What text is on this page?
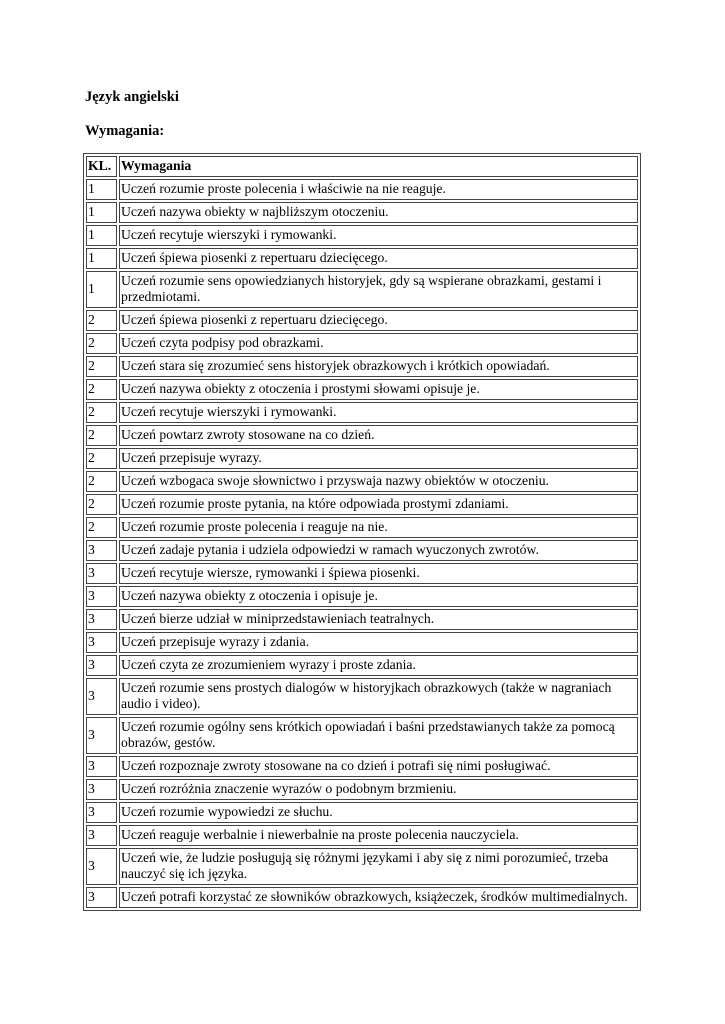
Język angielski
Wymagania:
KL.	Wymagania
1	Uczeń rozumie proste polecenia i właściwie na nie reaguje.
1	Uczeń nazywa obiekty w najbliższym otoczeniu.
1	Uczeń recytuje wierszyki i rymowanki.
1	Uczeń śpiewa piosenki z repertuaru dziecięcego.
1	Uczeń rozumie sens opowiedzianych historyjek, gdy są wspierane obrazkami, gestami i przedmiotami.
2	Uczeń śpiewa piosenki z repertuaru dziecięcego.
2	Uczeń czyta podpisy pod obrazkami.
2	Uczeń stara się zrozumieć sens historyjek obrazkowych i krótkich opowiadań.
2	Uczeń nazywa obiekty z otoczenia i prostymi słowami opisuje je.
2	Uczeń recytuje wierszyki i rymowanki.
2	Uczeń powtarz zwroty stosowane na co dzień.
2	Uczeń przepisuje wyrazy.
2	Uczeń wzbogaca swoje słownictwo i przyswaja nazwy obiektów w otoczeniu.
2	Uczeń rozumie proste pytania, na które odpowiada prostymi zdaniami.
2	Uczeń rozumie proste polecenia i reaguje na nie.
3	Uczeń zadaje pytania i udziela odpowiedzi w ramach wyuczonych zwrotów.
3	Uczeń recytuje wiersze, rymowanki i śpiewa piosenki.
3	Uczeń nazywa obiekty z otoczenia i opisuje je.
3	Uczeń bierze udział w miniprzedstawieniach teatralnych.
3	Uczeń przepisuje wyrazy i zdania.
3	Uczeń czyta ze zrozumieniem wyrazy i proste zdania.
3	Uczeń rozumie sens prostych dialogów w historyjkach obrazkowych (także w nagraniach audio i video).
3	Uczeń rozumie ogólny sens krótkich opowiadań i baśni przedstawianych także za pomocą obrazów, gestów.
3	Uczeń rozpoznaje zwroty stosowane na co dzień i potrafi się nimi posługiwać.
3	Uczeń rozróżnia znaczenie wyrazów o podobnym brzmieniu.
3	Uczeń rozumie wypowiedzi ze słuchu.
3	Uczeń reaguje werbalnie i niewerbalnie na proste polecenia nauczyciela.
3	Uczeń wie, że ludzie posługują się różnymi językami i aby się z nimi porozumieć, trzeba nauczyć się ich języka.
3	Uczeń potrafi korzystać ze słowników obrazkowych, książeczek, środków multimedialnych.
